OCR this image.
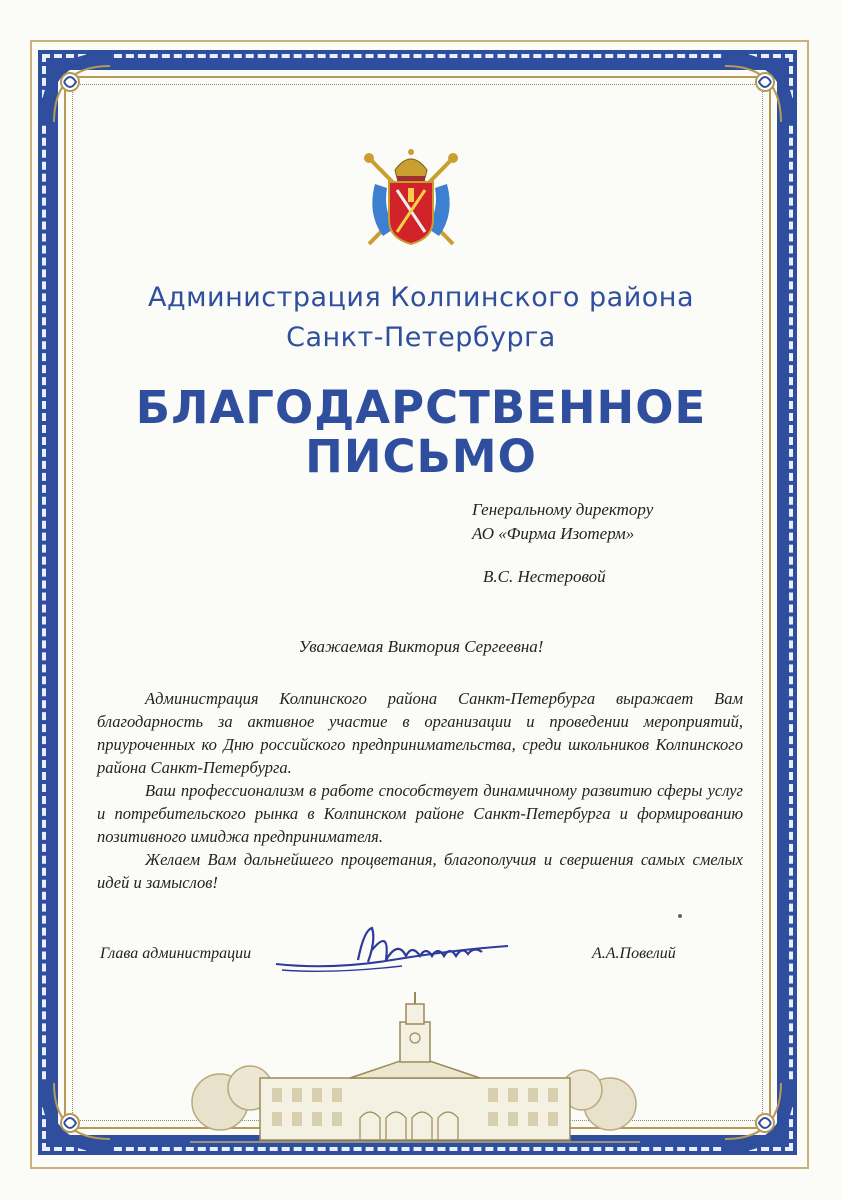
Администрация Колпинского района
Санкт-Петербурга
БЛАГОДАРСТВЕННОЕ
ПИСЬМО
Генеральному директору
АО «Фирма Изотерм»
В.С. Нестеровой
Уважаемая Виктория Сергеевна!

Администрация Колпинского района Санкт-Петербурга выражает Вам благодарность за активное участие в организации и проведении мероприятий, приуроченных ко Дню российского предпринимательства, среди школьников Колпинского района Санкт-Петербурга.

Ваш профессионализм в работе способствует динамичному развитию сферы услуг и потребительского рынка в Колпинском районе Санкт-Петербурга и формированию позитивного имиджа предпринимателя.

Желаем Вам дальнейшего процветания, благополучия и свершения самых смелых идей и замыслов!

Глава администрации	А.А.Повелий
